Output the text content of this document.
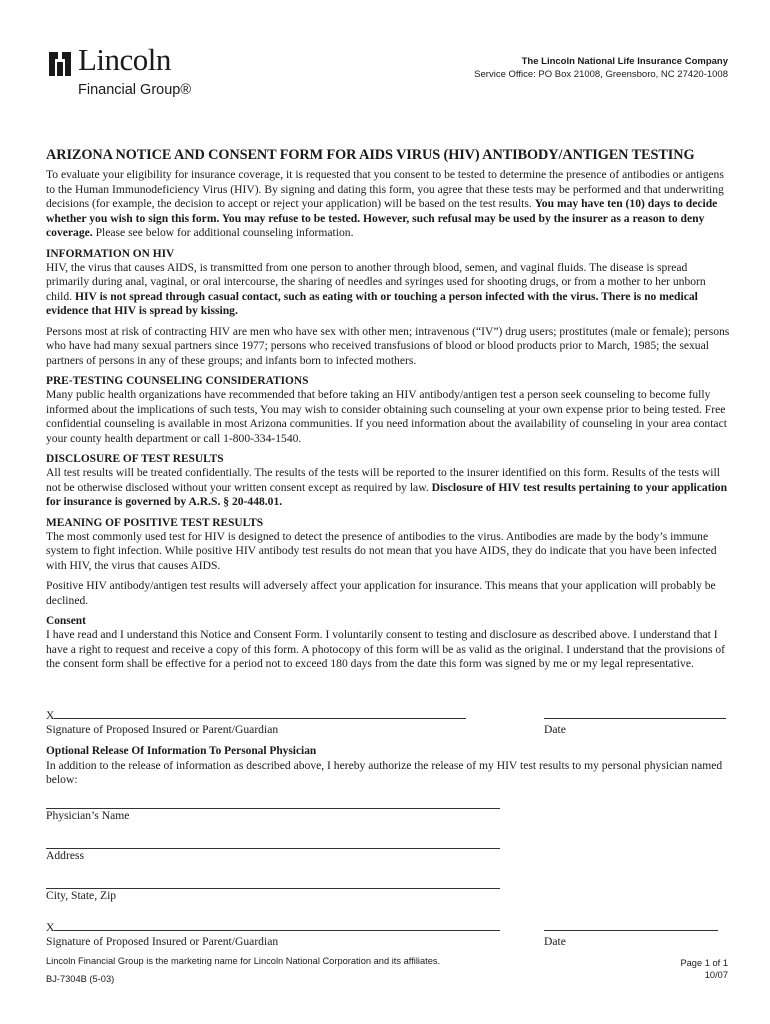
Lincoln
Financial Group®
The Lincoln National Life Insurance Company
Service Office: PO Box 21008, Greensboro, NC 27420-1008
ARIZONA NOTICE AND CONSENT FORM FOR AIDS VIRUS (HIV) ANTIBODY/ANTIGEN TESTING

To evaluate your eligibility for insurance coverage, it is requested that you consent to be tested to determine the presence of antibodies or antigens to the Human Immunodeficiency Virus (HIV). By signing and dating this form, you agree that these tests may be performed and that underwriting decisions (for example, the decision to accept or reject your application) will be based on the test results. You may have ten (10) days to decide whether you wish to sign this form. You may refuse to be tested. However, such refusal may be used by the insurer as a reason to deny coverage. Please see below for additional counseling information.

INFORMATION ON HIV

HIV, the virus that causes AIDS, is transmitted from one person to another through blood, semen, and vaginal fluids. The disease is spread primarily during anal, vaginal, or oral intercourse, the sharing of needles and syringes used for shooting drugs, or from a mother to her unborn child. HIV is not spread through casual contact, such as eating with or touching a person infected with the virus. There is no medical evidence that HIV is spread by kissing.

Persons most at risk of contracting HIV are men who have sex with other men; intravenous (“IV”) drug users; prostitutes (male or female); persons who have had many sexual partners since 1977; persons who received transfusions of blood or blood products prior to March, 1985; the sexual partners of persons in any of these groups; and infants born to infected mothers.

PRE-TESTING COUNSELING CONSIDERATIONS

Many public health organizations have recommended that before taking an HIV antibody/antigen test a person seek counseling to become fully informed about the implications of such tests, You may wish to consider obtaining such counseling at your own expense prior to being tested. Free confidential counseling is available in most Arizona communities. If you need information about the availability of counseling in your area contact your county health department or call 1-800-334-1540.

DISCLOSURE OF TEST RESULTS

All test results will be treated confidentially. The results of the tests will be reported to the insurer identified on this form. Results of the tests will not be otherwise disclosed without your written consent except as required by law. Disclosure of HIV test results pertaining to your application for insurance is governed by A.R.S. § 20-448.01.

MEANING OF POSITIVE TEST RESULTS

The most commonly used test for HIV is designed to detect the presence of antibodies to the virus. Antibodies are made by the body’s immune system to fight infection. While positive HIV antibody test results do not mean that you have AIDS, they do indicate that you have been infected with HIV, the virus that causes AIDS.

Positive HIV antibody/antigen test results will adversely affect your application for insurance. This means that your application will probably be declined.

Consent

I have read and I understand this Notice and Consent Form. I voluntarily consent to testing and disclosure as described above. I understand that I have a right to request and receive a copy of this form. A photocopy of this form will be as valid as the original. I understand that the provisions of the consent form shall be effective for a period not to exceed 180 days from the date this form was signed by me or my legal representative.

X
Signature of Proposed Insured or Parent/Guardian	Date
Optional Release Of Information To Personal Physician

In addition to the release of information as described above, I hereby authorize the release of my HIV test results to my personal physician named below:

Physician’s Name
Address
City, State, Zip
X
Signature of Proposed Insured or Parent/Guardian	Date
Lincoln Financial Group is the marketing name for Lincoln National Corporation and its affiliates.
BJ-7304B (5-03)
Page 1 of 1
10/07
